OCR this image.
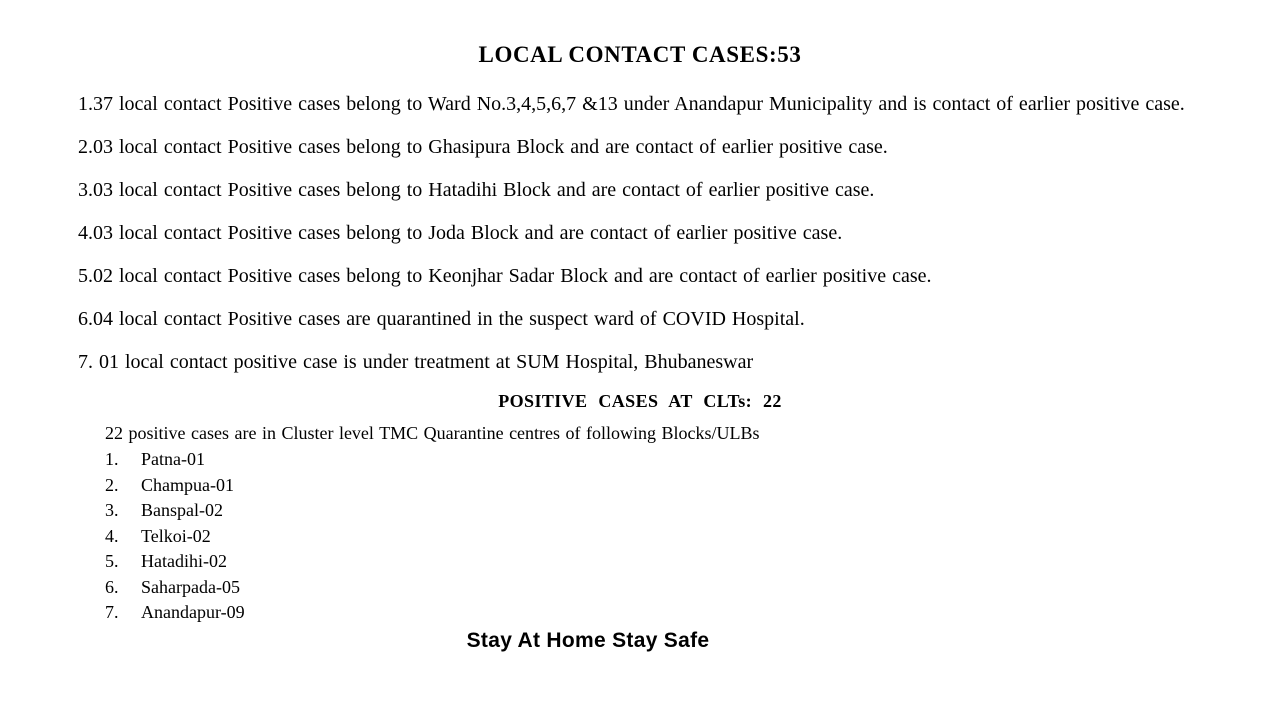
LOCAL CONTACT CASES:53
1.37 local contact Positive cases belong to Ward No.3,4,5,6,7 &13 under Anandapur Municipality and is contact of earlier positive case.
2.03 local contact Positive cases belong to Ghasipura Block and are contact of earlier positive case.
3.03 local contact Positive cases belong to Hatadihi Block and are contact of earlier positive case.
4.03 local contact Positive cases belong to Joda Block and are contact of earlier positive case.
5.02 local contact Positive cases belong to Keonjhar Sadar Block and are contact of earlier positive case.
6.04 local contact Positive cases are quarantined in the suspect ward of COVID Hospital.
7. 01 local contact positive case is under treatment at SUM Hospital, Bhubaneswar
POSITIVE CASES AT CLTs: 22
22 positive cases are in Cluster level TMC Quarantine centres of following Blocks/ULBs
1. Patna-01
2. Champua-01
3. Banspal-02
4. Telkoi-02
5. Hatadihi-02
6. Saharpada-05
7. Anandapur-09
Stay At Home Stay Safe
